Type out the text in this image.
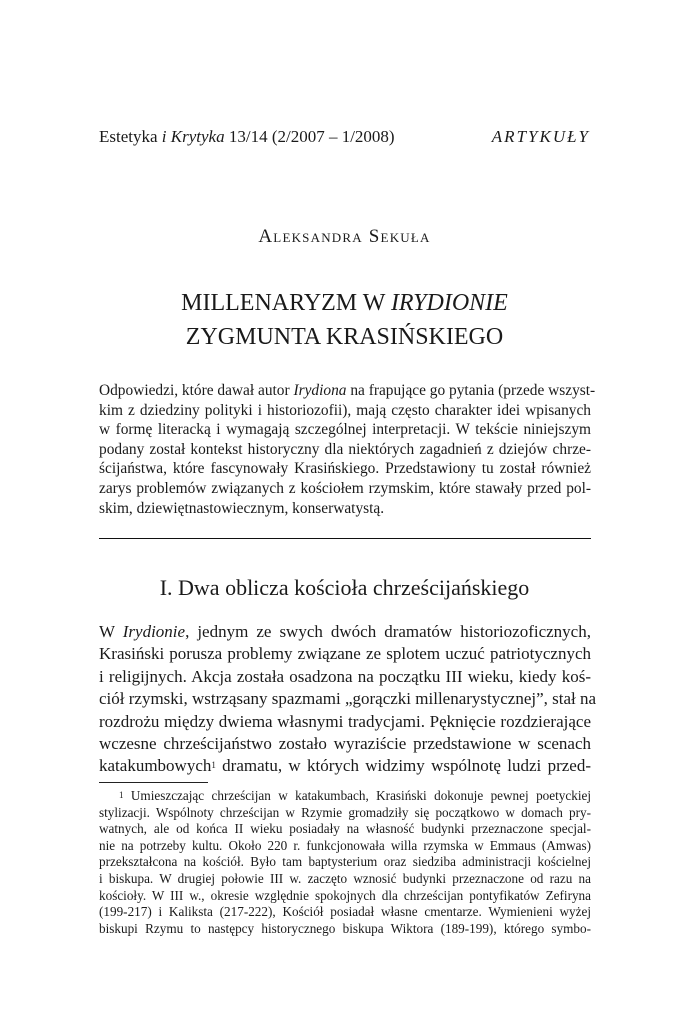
Estetyka i Krytyka 13/14 (2/2007 – 1/2008)	ARTYKUŁY
Aleksandra Sekuła
MILLENARYZM W IRYDIONIE
ZYGMUNTA KRASIŃSKIEGO

Odpowiedzi, które dawał autor Irydiona na frapujące go pytania (przede wszyst-
kim z dziedziny polityki i historiozofii), mają często charakter idei wpisanych
w formę literacką i wymagają szczególnej interpretacji. W tekście niniejszym
podany został kontekst historyczny dla niektórych zagadnień z dziejów chrze-
ścijaństwa, które fascynowały Krasińskiego. Przedstawiony tu został również
zarys problemów związanych z kościołem rzymskim, które stawały przed pol-
skim, dziewiętnastowiecznym, konserwatystą.

I. Dwa oblicza kościoła chrześcijańskiego

W Irydionie, jednym ze swych dwóch dramatów historiozoficznych,
Krasiński porusza problemy związane ze splotem uczuć patriotycznych
i religijnych. Akcja została osadzona na początku III wieku, kiedy koś-
ciół rzymski, wstrząsany spazmami „gorączki millenarystycznej”, stał na
rozdrożu między dwiema własnymi tradycjami. Pęknięcie rozdzierające
wczesne chrześcijaństwo zostało wyraziście przedstawione w scenach
katakumbowych$^1$ dramatu, w których widzimy wspólnotę ludzi przed-

$^1$ Umieszczając chrześcijan w katakumbach, Krasiński dokonuje pewnej poetyckiej
stylizacji. Wspólnoty chrześcijan w Rzymie gromadziły się początkowo w domach pry-
watnych, ale od końca II wieku posiadały na własność budynki przeznaczone specjal-
nie na potrzeby kultu. Około 220 r. funkcjonowała willa rzymska w Emmaus (Amwas)
przekształcona na kościół. Było tam baptysterium oraz siedziba administracji kościelnej
i biskupa. W drugiej połowie III w. zaczęto wznosić budynki przeznaczone od razu na
kościoły. W III w., okresie względnie spokojnych dla chrześcijan pontyfikatów Zefiryna
(199-217) i Kaliksta (217-222), Kościół posiadał własne cmentarze. Wymienieni wyżej
biskupi Rzymu to następcy historycznego biskupa Wiktora (189-199), którego symbo-
